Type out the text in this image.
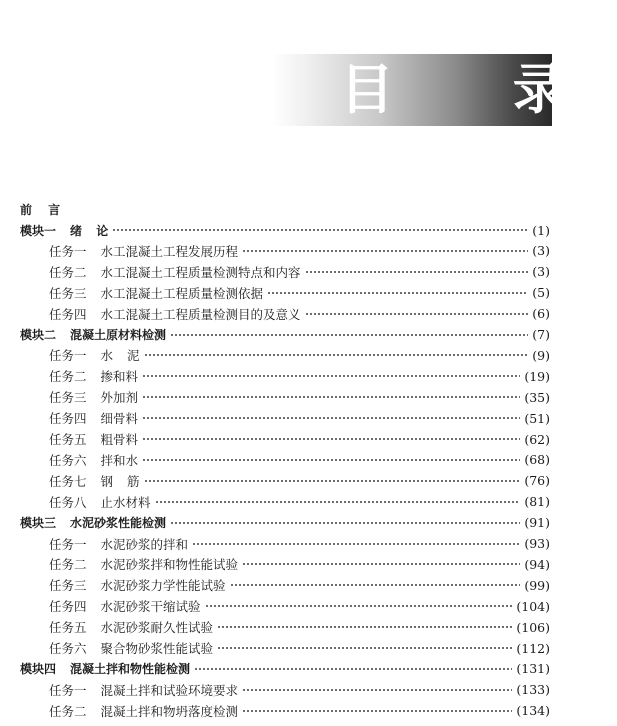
目 录
前 言
模块一 绪 论	(1)
任务一 水工混凝土工程发展历程	(3)
任务二 水工混凝土工程质量检测特点和内容	(3)
任务三 水工混凝土工程质量检测依据	(5)
任务四 水工混凝土工程质量检测目的及意义	(6)
模块二 混凝土原材料检测	(7)
任务一 水 泥	(9)
任务二 掺和料	(19)
任务三 外加剂	(35)
任务四 细骨料	(51)
任务五 粗骨料	(62)
任务六 拌和水	(68)
任务七 钢 筋	(76)
任务八 止水材料	(81)
模块三 水泥砂浆性能检测	(91)
任务一 水泥砂浆的拌和	(93)
任务二 水泥砂浆拌和物性能试验	(94)
任务三 水泥砂浆力学性能试验	(99)
任务四 水泥砂浆干缩试验	(104)
任务五 水泥砂浆耐久性试验	(106)
任务六 聚合物砂浆性能试验	(112)
模块四 混凝土拌和物性能检测	(131)
任务一 混凝土拌和试验环境要求	(133)
任务二 混凝土拌和物坍落度检测	(134)
